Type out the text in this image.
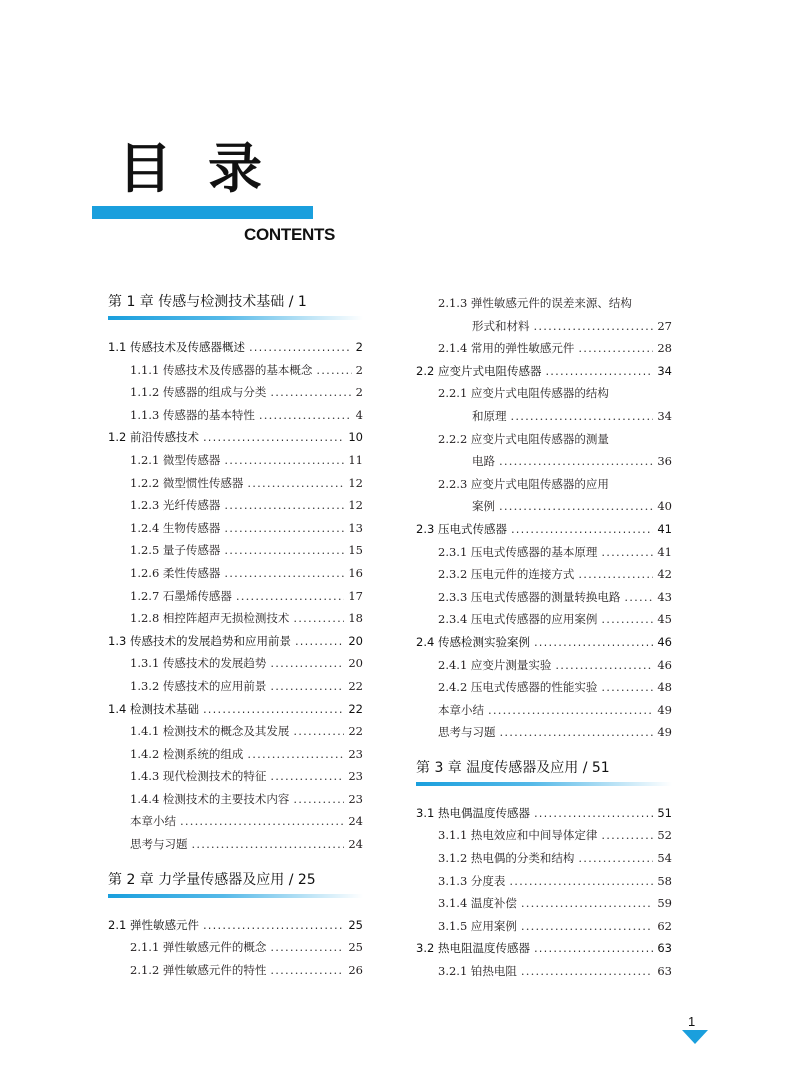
目录
CONTENTS
第 1 章 传感与检测技术基础 / 1
1.1 传感技术及传感器概述 .....	2
1.1.1 传感技术及传感器的基本概念 .....	2
1.1.2 传感器的组成与分类 .....	2
1.1.3 传感器的基本特性 .....	4
1.2 前沿传感技术 .....	10
1.2.1 微型传感器 .....	11
1.2.2 微型惯性传感器 .....	12
1.2.3 光纤传感器 .....	12
1.2.4 生物传感器 .....	13
1.2.5 量子传感器 .....	15
1.2.6 柔性传感器 .....	16
1.2.7 石墨烯传感器 .....	17
1.2.8 相控阵超声无损检测技术 .....	18
1.3 传感技术的发展趋势和应用前景 .....	20
1.3.1 传感技术的发展趋势 .....	20
1.3.2 传感技术的应用前景 .....	22
1.4 检测技术基础 .....	22
1.4.1 检测技术的概念及其发展 .....	22
1.4.2 检测系统的组成 .....	23
1.4.3 现代检测技术的特征 .....	23
1.4.4 检测技术的主要技术内容 .....	23
本章小结 .....	24
思考与习题 .....	24
第 2 章 力学量传感器及应用 / 25
2.1 弹性敏感元件 .....	25
2.1.1 弹性敏感元件的概念 .....	25
2.1.2 弹性敏感元件的特性 .....	26
2.1.3 弹性敏感元件的误差来源、结构
形式和材料 .....	27
2.1.4 常用的弹性敏感元件 .....	28
2.2 应变片式电阻传感器 .....	34
2.2.1 应变片式电阻传感器的结构
和原理 .....	34
2.2.2 应变片式电阻传感器的测量
电路 .....	36
2.2.3 应变片式电阻传感器的应用
案例 .....	40
2.3 压电式传感器 .....	41
2.3.1 压电式传感器的基本原理 .....	41
2.3.2 压电元件的连接方式 .....	42
2.3.3 压电式传感器的测量转换电路 .....	43
2.3.4 压电式传感器的应用案例 .....	45
2.4 传感检测实验案例 .....	46
2.4.1 应变片测量实验 .....	46
2.4.2 压电式传感器的性能实验 .....	48
本章小结 .....	49
思考与习题 .....	49
第 3 章 温度传感器及应用 / 51
3.1 热电偶温度传感器 .....	51
3.1.1 热电效应和中间导体定律 .....	52
3.1.2 热电偶的分类和结构 .....	54
3.1.3 分度表 .....	58
3.1.4 温度补偿 .....	59
3.1.5 应用案例 .....	62
3.2 热电阻温度传感器 .....	63
3.2.1 铂热电阻 .....	63
1
